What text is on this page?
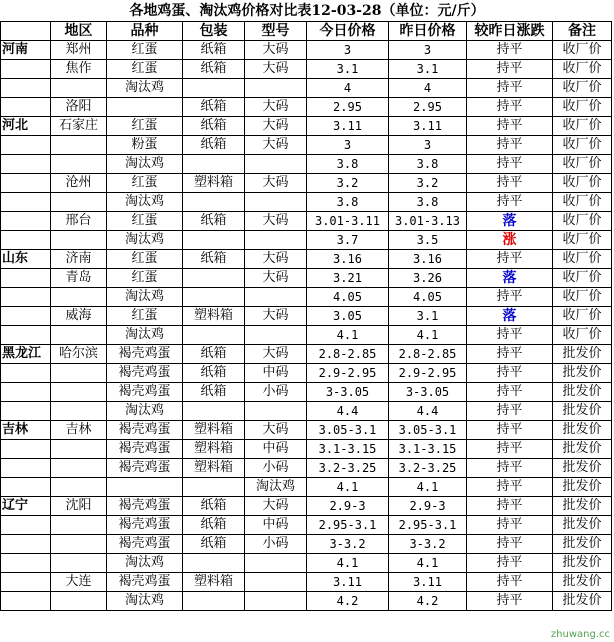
各地鸡蛋、淘汰鸡价格对比表12-03-28（单位：元/斤）
	地区	品种	包装	型号	今日价格	昨日价格	较昨日涨跌	备注
河南	郑州	红蛋	纸箱	大码	3	3	持平	收厂价
	焦作	红蛋	纸箱	大码	3.1	3.1	持平	收厂价
		淘汰鸡			4	4	持平	收厂价
	洛阳		纸箱	大码	2.95	2.95	持平	收厂价
河北	石家庄	红蛋	纸箱	大码	3.11	3.11	持平	收厂价
		粉蛋	纸箱	大码	3	3	持平	收厂价
		淘汰鸡			3.8	3.8	持平	收厂价
	沧州	红蛋	塑料箱	大码	3.2	3.2	持平	收厂价
		淘汰鸡			3.8	3.8	持平	收厂价
	邢台	红蛋	纸箱	大码	3.01-3.11	3.01-3.13	落	收厂价
		淘汰鸡			3.7	3.5	涨	收厂价
山东	济南	红蛋	纸箱	大码	3.16	3.16	持平	收厂价
	青岛	红蛋		大码	3.21	3.26	落	收厂价
		淘汰鸡			4.05	4.05	持平	收厂价
	威海	红蛋	塑料箱	大码	3.05	3.1	落	收厂价
		淘汰鸡			4.1	4.1	持平	收厂价
黑龙江	哈尔滨	褐壳鸡蛋	纸箱	大码	2.8-2.85	2.8-2.85	持平	批发价
		褐壳鸡蛋	纸箱	中码	2.9-2.95	2.9-2.95	持平	批发价
		褐壳鸡蛋	纸箱	小码	3-3.05	3-3.05	持平	批发价
		淘汰鸡			4.4	4.4	持平	批发价
吉林	吉林	褐壳鸡蛋	塑料箱	大码	3.05-3.1	3.05-3.1	持平	批发价
		褐壳鸡蛋	塑料箱	中码	3.1-3.15	3.1-3.15	持平	批发价
		褐壳鸡蛋	塑料箱	小码	3.2-3.25	3.2-3.25	持平	批发价
				淘汰鸡	4.1	4.1	持平	批发价
辽宁	沈阳	褐壳鸡蛋	纸箱	大码	2.9-3	2.9-3	持平	批发价
		褐壳鸡蛋	纸箱	中码	2.95-3.1	2.95-3.1	持平	批发价
		褐壳鸡蛋	纸箱	小码	3-3.2	3-3.2	持平	批发价
		淘汰鸡			4.1	4.1	持平	批发价
	大连	褐壳鸡蛋	塑料箱		3.11	3.11	持平	批发价
		淘汰鸡			4.2	4.2	持平	批发价
zhuwang.cc
